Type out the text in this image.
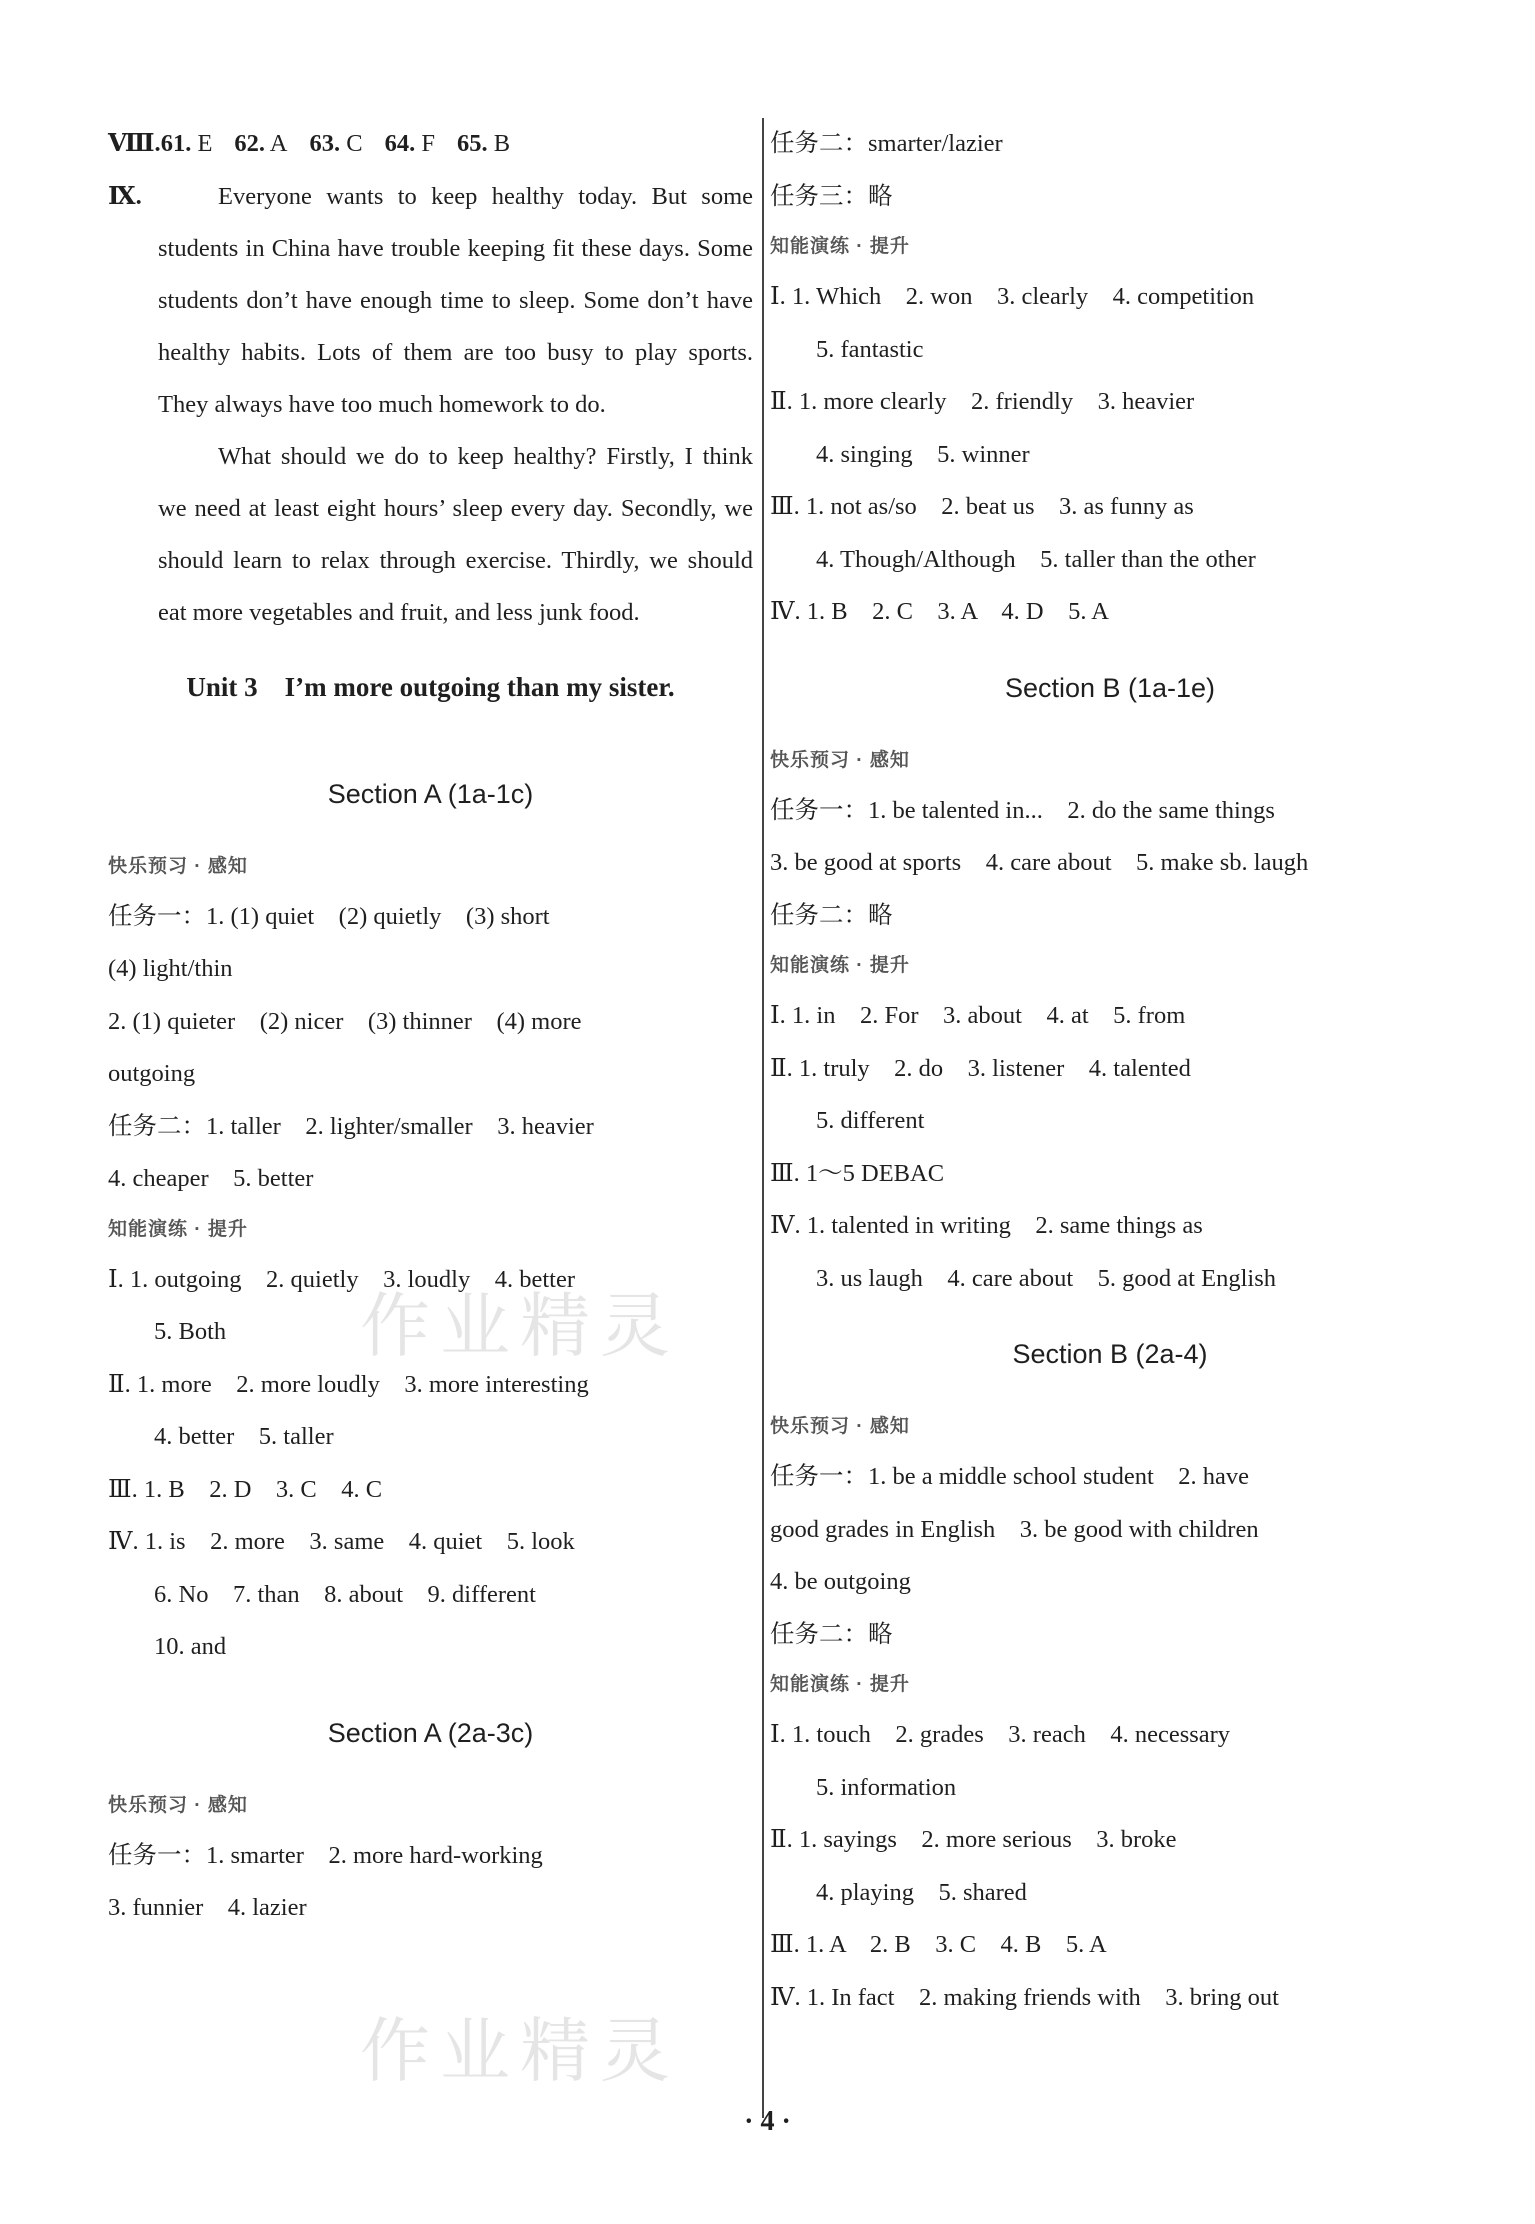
作业精灵
作业精灵
Ⅷ.61. E 62. A 63. C 64. F 65. B
Ⅸ.	Everyone wants to keep healthy today. But some students in China have trouble keeping fit these days. Some students don’t have enough time to sleep. Some don’t have healthy habits. Lots of them are too busy to play sports. They always have too much homework to do.
What should we do to keep healthy? Firstly, I think we need at least eight hours’ sleep every day. Secondly, we should learn to relax through exercise. Thirdly, we should eat more vegetables and fruit, and less junk food.
Unit 3    I’m more outgoing than my sister.
Section A (1a-1c)
快乐预习 · 感知
任务一：1. (1) quiet    (2) quietly    (3) short
(4) light/thin
2. (1) quieter    (2) nicer    (3) thinner    (4) more
outgoing
任务二：1. taller    2. lighter/smaller    3. heavier
4. cheaper    5. better
知能演练 · 提升
Ⅰ. 1. outgoing    2. quietly    3. loudly    4. better
5. Both
Ⅱ. 1. more    2. more loudly    3. more interesting
4. better    5. taller
Ⅲ. 1. B    2. D    3. C    4. C
Ⅳ. 1. is    2. more    3. same    4. quiet    5. look
6. No    7. than    8. about    9. different
10. and
Section A (2a-3c)
快乐预习 · 感知
任务一：1. smarter    2. more hard-working
3. funnier    4. lazier
任务二：smarter/lazier
任务三：略
知能演练 · 提升
Ⅰ. 1. Which    2. won    3. clearly    4. competition
5. fantastic
Ⅱ. 1. more clearly    2. friendly    3. heavier
4. singing    5. winner
Ⅲ. 1. not as/so    2. beat us    3. as funny as
4. Though/Although    5. taller than the other
Ⅳ. 1. B    2. C    3. A    4. D    5. A
Section B (1a-1e)
快乐预习 · 感知
任务一：1. be talented in...    2. do the same things
3. be good at sports    4. care about    5. make sb. laugh
任务二：略
知能演练 · 提升
Ⅰ. 1. in    2. For    3. about    4. at    5. from
Ⅱ. 1. truly    2. do    3. listener    4. talented
5. different
Ⅲ. 1～5 DEBAC
Ⅳ. 1. talented in writing    2. same things as
3. us laugh    4. care about    5. good at English
Section B (2a-4)
快乐预习 · 感知
任务一：1. be a middle school student    2. have
good grades in English    3. be good with children
4. be outgoing
任务二：略
知能演练 · 提升
Ⅰ. 1. touch    2. grades    3. reach    4. necessary
5. information
Ⅱ. 1. sayings    2. more serious    3. broke
4. playing    5. shared
Ⅲ. 1. A    2. B    3. C    4. B    5. A
Ⅳ. 1. In fact    2. making friends with    3. bring out
· 4 ·
